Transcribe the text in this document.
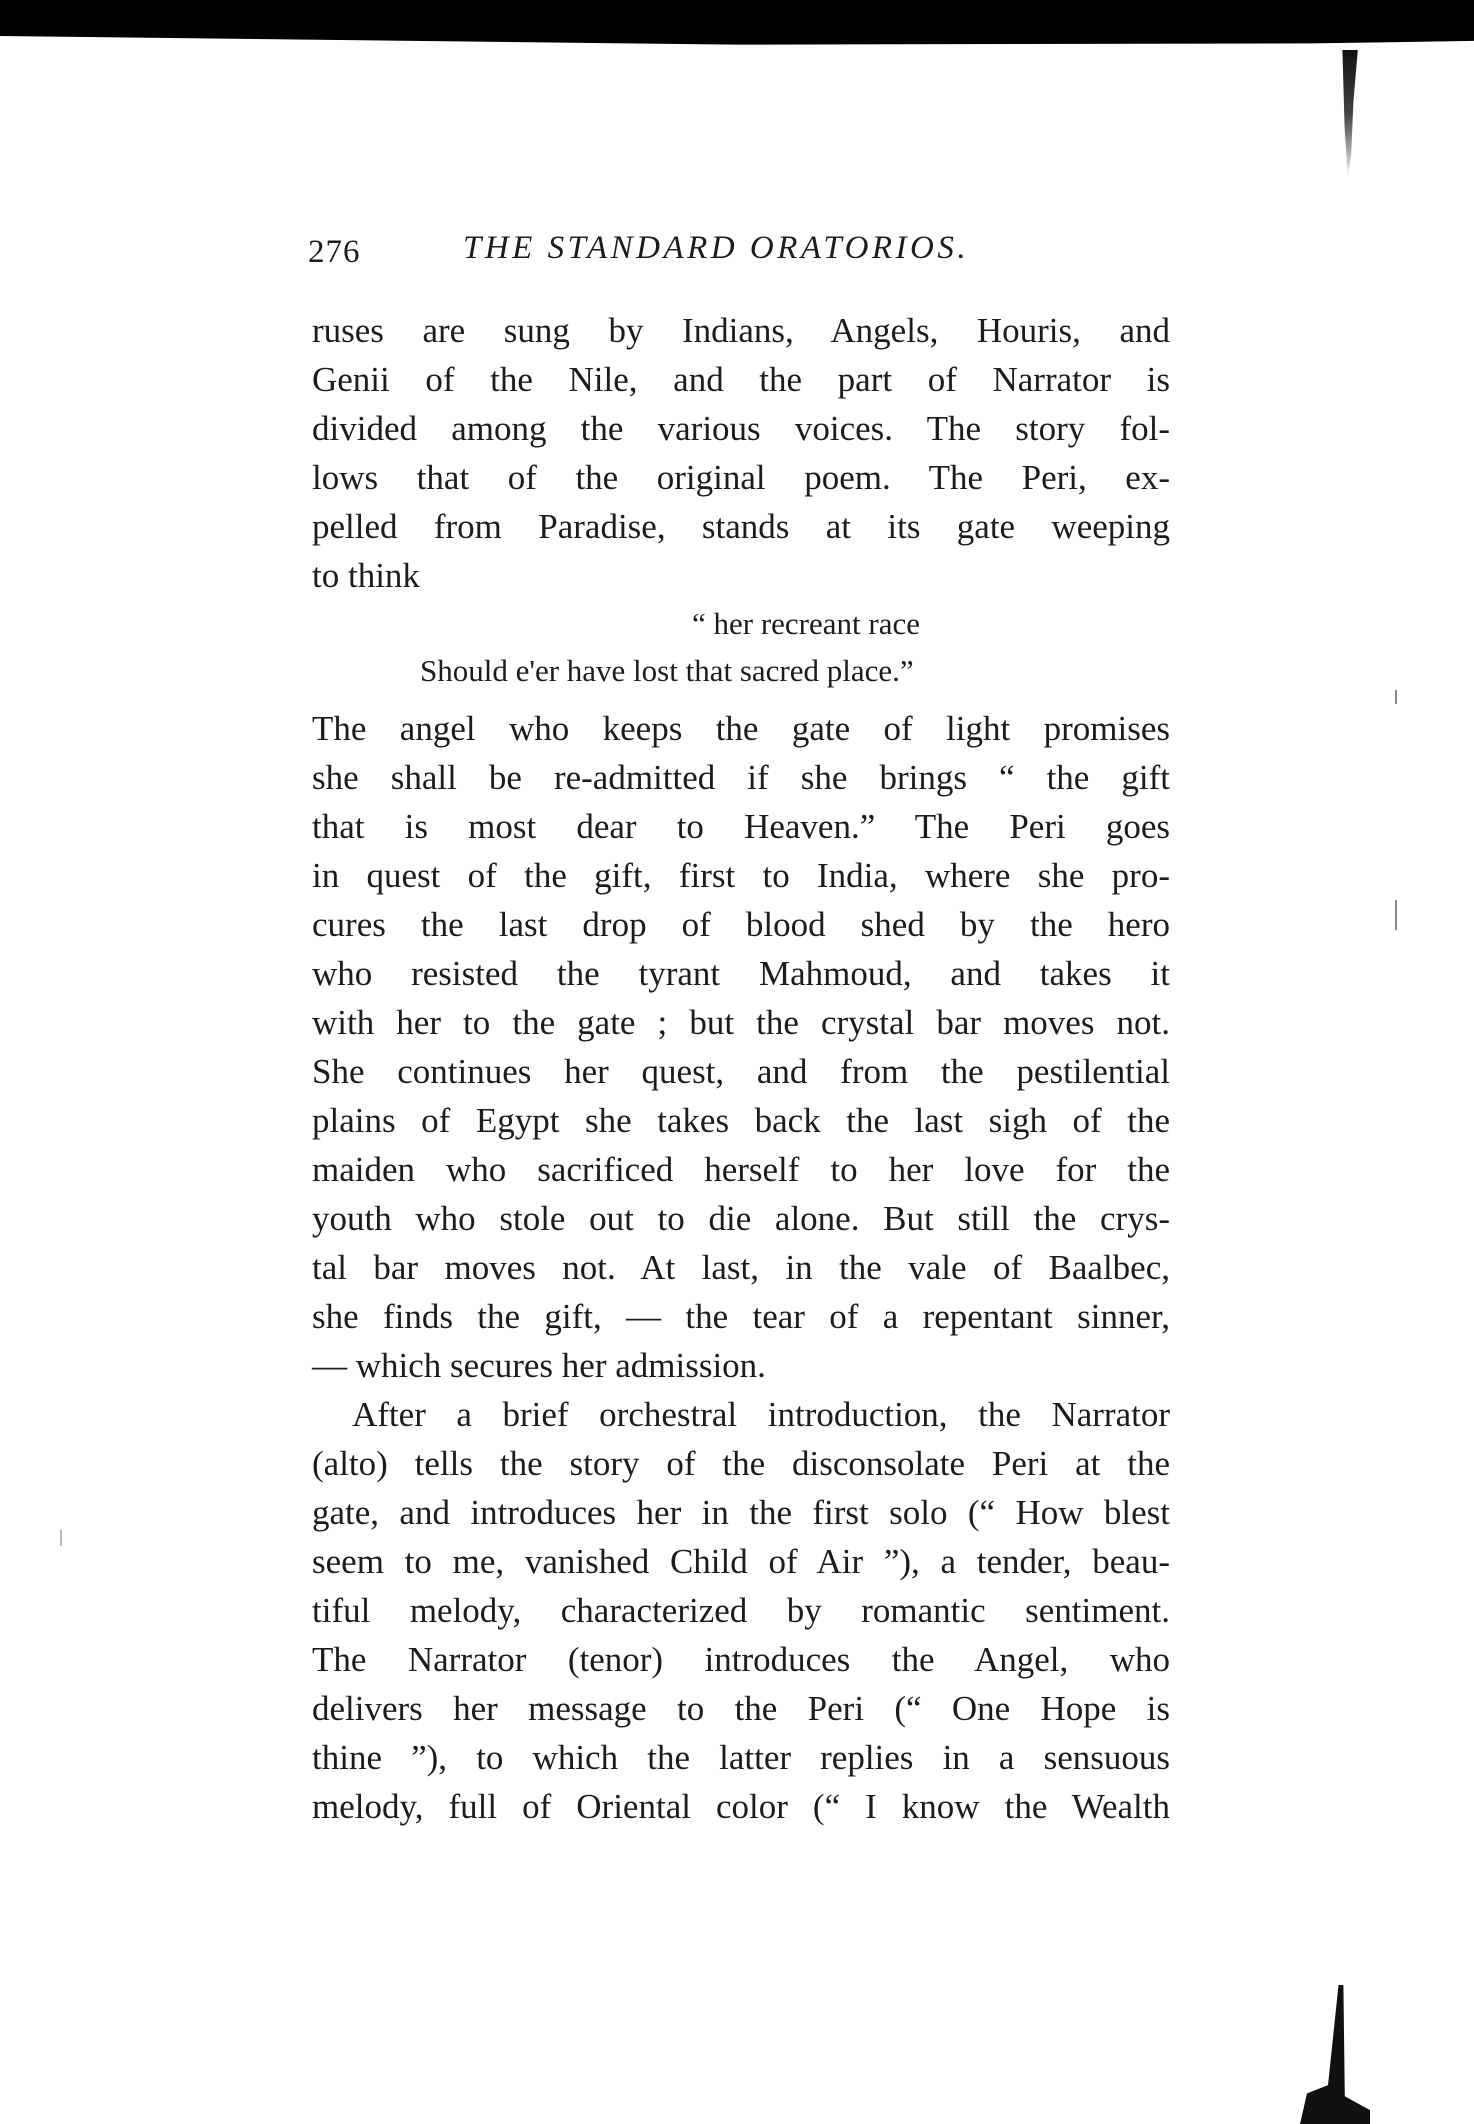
276	THE STANDARD ORATORIOS.
ruses are sung by Indians, Angels, Houris, and
Genii of the Nile, and the part of Narrator is
divided among the various voices. The story fol-
lows that of the original poem. The Peri, ex-
pelled from Paradise, stands at its gate weeping
to think
“ her recreant race
Should e'er have lost that sacred place.”
The angel who keeps the gate of light promises
she shall be re-admitted if she brings “ the gift
that is most dear to Heaven.” The Peri goes
in quest of the gift, first to India, where she pro-
cures the last drop of blood shed by the hero
who resisted the tyrant Mahmoud, and takes it
with her to the gate ; but the crystal bar moves not.
She continues her quest, and from the pestilential
plains of Egypt she takes back the last sigh of the
maiden who sacrificed herself to her love for the
youth who stole out to die alone. But still the crys-
tal bar moves not. At last, in the vale of Baalbec,
she finds the gift, — the tear of a repentant sinner,
— which secures her admission.
After a brief orchestral introduction, the Narrator
(alto) tells the story of the disconsolate Peri at the
gate, and introduces her in the first solo (“ How blest
seem to me, vanished Child of Air ”), a tender, beau-
tiful melody, characterized by romantic sentiment.
The Narrator (tenor) introduces the Angel, who
delivers her message to the Peri (“ One Hope is
thine ”), to which the latter replies in a sensuous
melody, full of Oriental color (“ I know the Wealth
